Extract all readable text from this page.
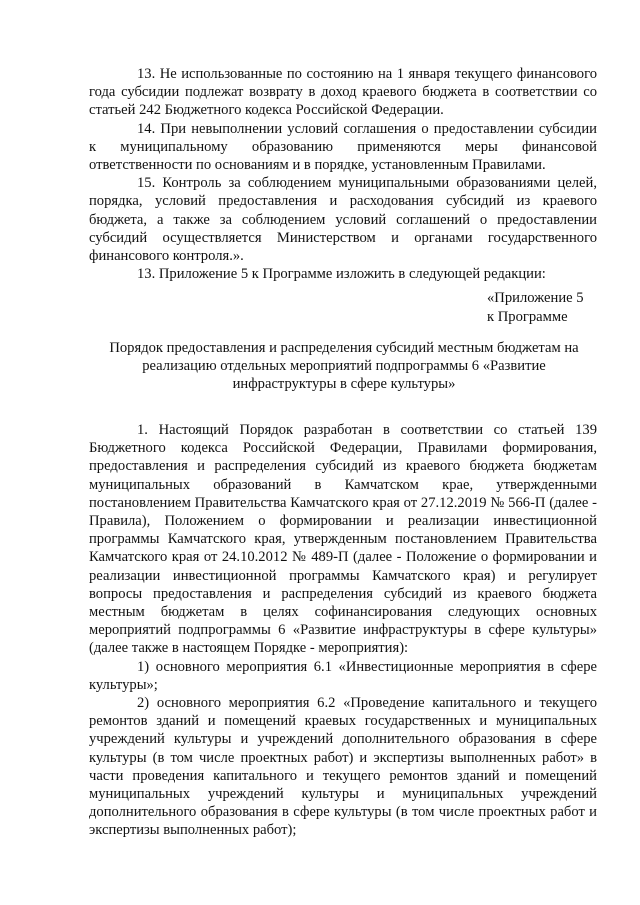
13. Не использованные по состоянию на 1 января текущего финансового года субсидии подлежат возврату в доход краевого бюджета в соответствии со статьей 242 Бюджетного кодекса Российской Федерации.

14. При невыполнении условий соглашения о предоставлении субсидии к муниципальному образованию применяются меры финансовой ответственности по основаниям и в порядке, установленным Правилами.

15. Контроль за соблюдением муниципальными образованиями целей, порядка, условий предоставления и расходования субсидий из краевого бюджета, а также за соблюдением условий соглашений о предоставлении субсидий осуществляется Министерством и органами государственного финансового контроля.».

13. Приложение 5 к Программе изложить в следующей редакции:

«Приложение 5
к Программе
Порядок предоставления и распределения субсидий местным бюджетам на реализацию отдельных мероприятий подпрограммы 6 «Развитие инфраструктуры в сфере культуры»

1. Настоящий Порядок разработан в соответствии со статьей 139 Бюджетного кодекса Российской Федерации, Правилами формирования, предоставления и распределения субсидий из краевого бюджета бюджетам муниципальных образований в Камчатском крае, утвержденными постановлением Правительства Камчатского края от 27.12.2019 № 566-П (далее - Правила), Положением о формировании и реализации инвестиционной программы Камчатского края, утвержденным постановлением Правительства Камчатского края от 24.10.2012 № 489-П (далее - Положение о формировании и реализации инвестиционной программы Камчатского края) и регулирует вопросы предоставления и распределения субсидий из краевого бюджета местным бюджетам в целях софинансирования следующих основных мероприятий подпрограммы 6 «Развитие инфраструктуры в сфере культуры» (далее также в настоящем Порядке - мероприятия):

1) основного мероприятия 6.1 «Инвестиционные мероприятия в сфере культуры»;

2) основного мероприятия 6.2 «Проведение капитального и текущего ремонтов зданий и помещений краевых государственных и муниципальных учреждений культуры и учреждений дополнительного образования в сфере культуры (в том числе проектных работ) и экспертизы выполненных работ» в части проведения капитального и текущего ремонтов зданий и помещений муниципальных учреждений культуры и муниципальных учреждений дополнительного образования в сфере культуры (в том числе проектных работ и экспертизы выполненных работ);
